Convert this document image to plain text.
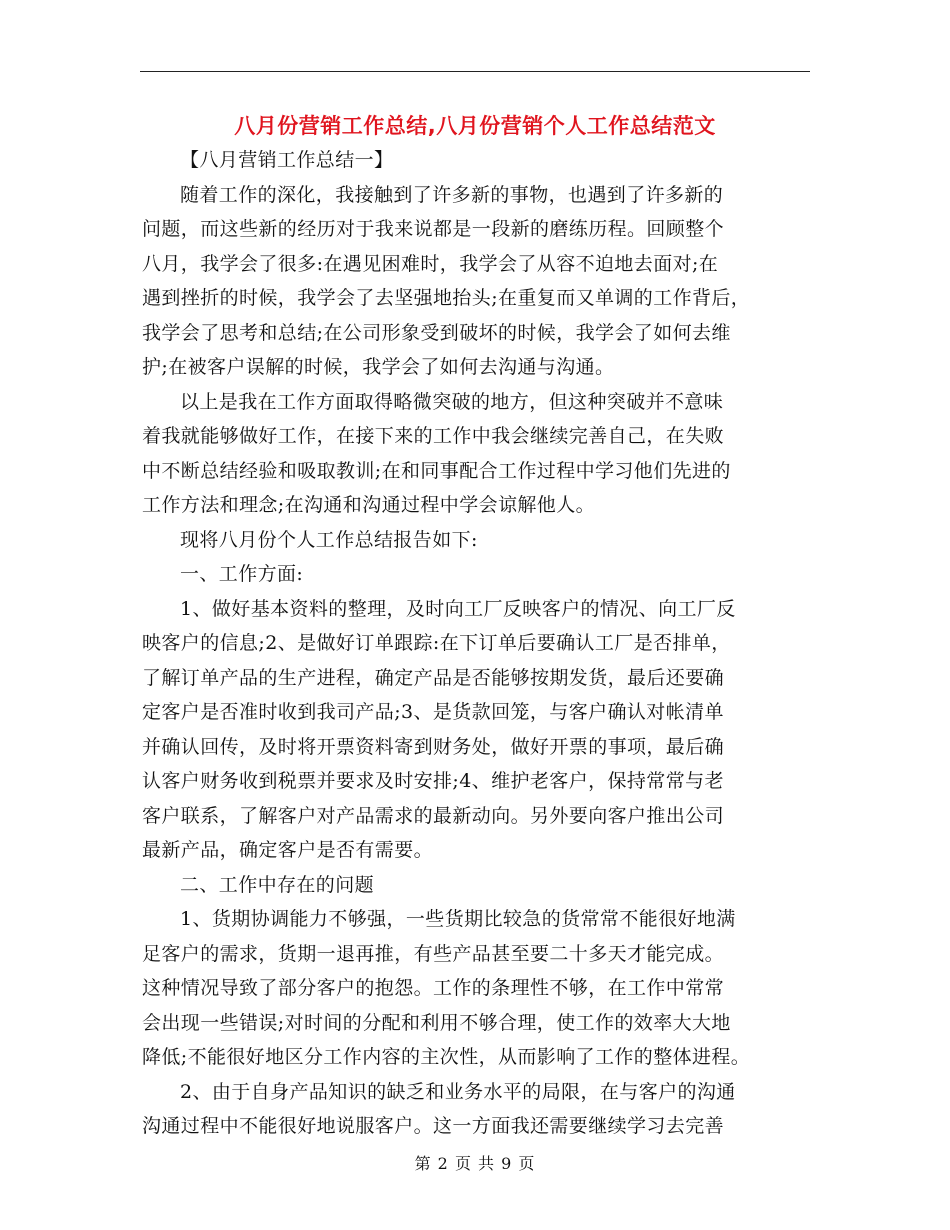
八月份营销工作总结,八月份营销个人工作总结范文
【八月营销工作总结一】
随着工作的深化，我接触到了许多新的事物，也遇到了许多新的
问题，而这些新的经历对于我来说都是一段新的磨练历程。回顾整个
八月，我学会了很多:在遇见困难时，我学会了从容不迫地去面对;在
遇到挫折的时候，我学会了去坚强地抬头;在重复而又单调的工作背后，
我学会了思考和总结;在公司形象受到破坏的时候，我学会了如何去维
护;在被客户误解的时候，我学会了如何去沟通与沟通。
以上是我在工作方面取得略微突破的地方，但这种突破并不意味
着我就能够做好工作，在接下来的工作中我会继续完善自己，在失败
中不断总结经验和吸取教训;在和同事配合工作过程中学习他们先进的
工作方法和理念;在沟通和沟通过程中学会谅解他人。
现将八月份个人工作总结报告如下:
一、工作方面:
1、做好基本资料的整理，及时向工厂反映客户的情况、向工厂反
映客户的信息;2、是做好订单跟踪:在下订单后要确认工厂是否排单，
了解订单产品的生产进程，确定产品是否能够按期发货，最后还要确
定客户是否准时收到我司产品;3、是货款回笼，与客户确认对帐清单
并确认回传，及时将开票资料寄到财务处，做好开票的事项，最后确
认客户财务收到税票并要求及时安排;4、维护老客户，保持常常与老
客户联系，了解客户对产品需求的最新动向。另外要向客户推出公司
最新产品，确定客户是否有需要。
二、工作中存在的问题
1、货期协调能力不够强，一些货期比较急的货常常不能很好地满
足客户的需求，货期一退再推，有些产品甚至要二十多天才能完成。
这种情况导致了部分客户的抱怨。工作的条理性不够，在工作中常常
会出现一些错误;对时间的分配和利用不够合理，使工作的效率大大地
降低;不能很好地区分工作内容的主次性，从而影响了工作的整体进程。
2、由于自身产品知识的缺乏和业务水平的局限，在与客户的沟通
沟通过程中不能很好地说服客户。这一方面我还需要继续学习去完善
第 2 页 共 9 页
